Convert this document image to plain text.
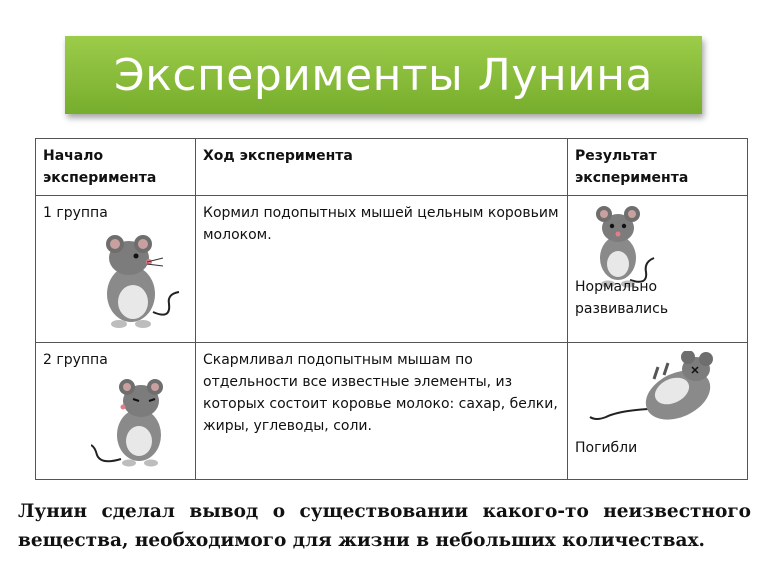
Эксперименты Лунина
Начало эксперимента	Ход эксперимента	Результат эксперимента

1 группа	Кормил подопытных мышей цельным коровьим молоком.	Нормально развивались

2 группа	Скармливал подопытным мышам по отдельности все известные элементы, из которых состоит коровье молоко: сахар, белки, жиры, углеводы, соли.	Погибли
Лунин сделал вывод о существовании какого-то неизвестного вещества, необходимого для жизни в небольших количествах.
